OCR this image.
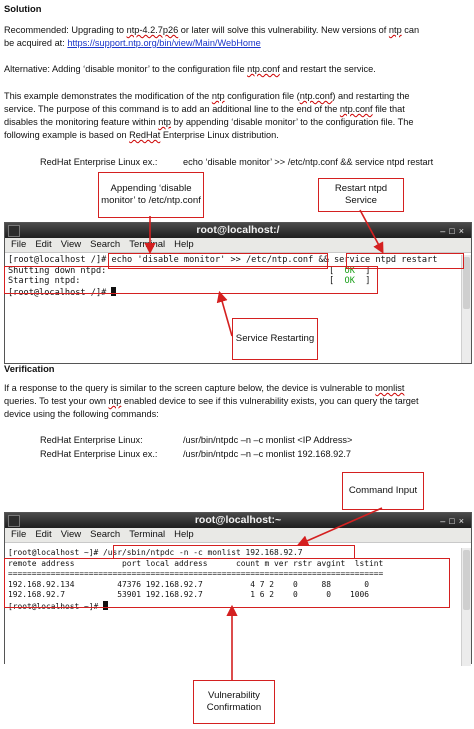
Solution
Recommended: Upgrading to ntp-4.2.7p26 or later will solve this vulnerability. New versions of ntp can
be acquired at: https://support.ntp.org/bin/view/Main/WebHome
Alternative: Adding ‘disable monitor’ to the configuration file ntp.conf and restart the service.
This example demonstrates the modification of the ntp configuration file (ntp.conf) and restarting the
service. The purpose of this command is to add an additional line to the end of the ntp.conf file that
disables the monitoring feature within ntp by appending ‘disable monitor’ to the configuration file. The
following example is based on RedHat Enterprise Linux distribution.
RedHat Enterprise Linux ex.:	echo ‘disable monitor’ >> /etc/ntp.conf && service ntpd restart
Appending ‘disable monitor’ to /etc/ntp.conf
Restart ntpd Service
root@localhost:/	–□×
File Edit View Search Terminal Help
[root@localhost /]# echo 'disable monitor' >> /etc/ntp.conf && service ntpd restart
Shutting down ntpd:	[  OK  ]
Starting ntpd:	[  OK  ]
[root@localhost /]#
Service Restarting
Verification
If a response to the query is similar to the screen capture below, the device is vulnerable to monlist
queries. To test your own ntp enabled device to see if this vulnerability exists, you can query the target
device using the following commands:
RedHat Enterprise Linux:	/usr/bin/ntpdc –n –c monlist <IP Address>
RedHat Enterprise Linux ex.:	/usr/bin/ntpdc –n –c monlist 192.168.92.7
Command Input
root@localhost:~	–□×
File Edit View Search Terminal Help
[root@localhost ~]# /usr/sbin/ntpdc -n -c monlist 192.168.92.7
remote address          port local address      count m ver rstr avgint  lstint
===============================================================================
192.168.92.134         47376 192.168.92.7          4 7 2    0     88       0
192.168.92.7           53901 192.168.92.7          1 6 2    0      0    1006
[root@localhost ~]#
Vulnerability Confirmation
